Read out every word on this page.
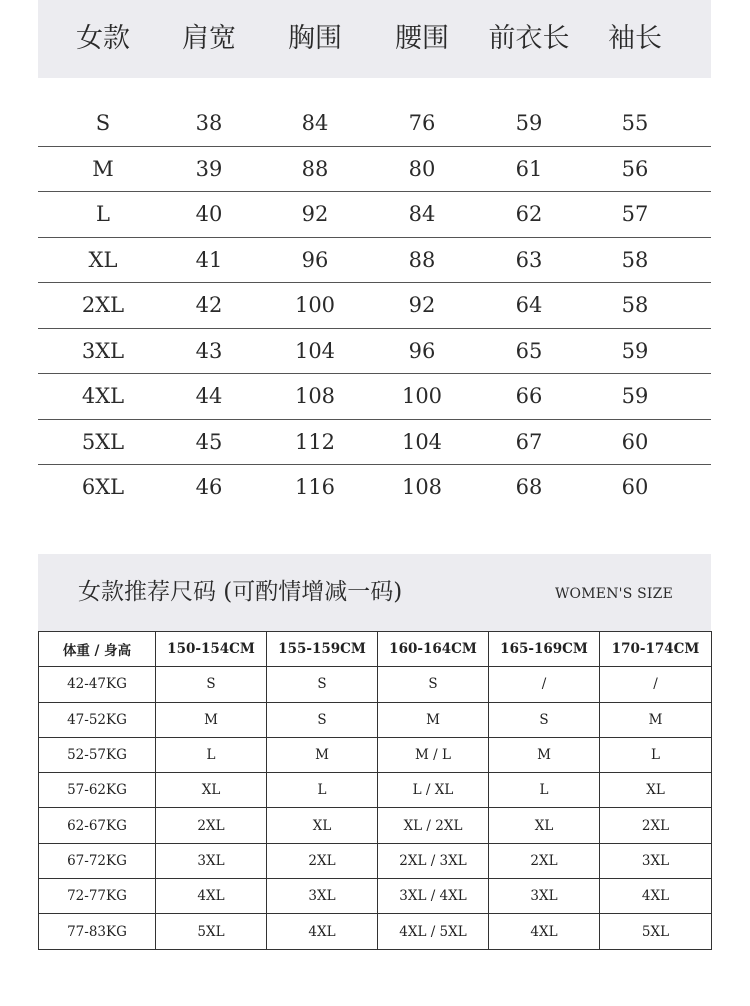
女款 肩宽 胸围 腰围 前衣长 袖长
S	38	84	76	59	55
M	39	88	80	61	56
L	40	92	84	62	57
XL	41	96	88	63	58
2XL	42	100	92	64	58
3XL	43	104	96	65	59
4XL	44	108	100	66	59
5XL	45	112	104	67	60
6XL	46	116	108	68	60
女款推荐尺码 (可酌情增减一码)	WOMEN'S SIZE
体重 / 身高	150-154CM	155-159CM	160-164CM	165-169CM	170-174CM
42-47KG	S	S	S	/	/
47-52KG	M	S	M	S	M
52-57KG	L	M	M / L	M	L
57-62KG	XL	L	L / XL	L	XL
62-67KG	2XL	XL	XL / 2XL	XL	2XL
67-72KG	3XL	2XL	2XL / 3XL	2XL	3XL
72-77KG	4XL	3XL	3XL / 4XL	3XL	4XL
77-83KG	5XL	4XL	4XL / 5XL	4XL	5XL
